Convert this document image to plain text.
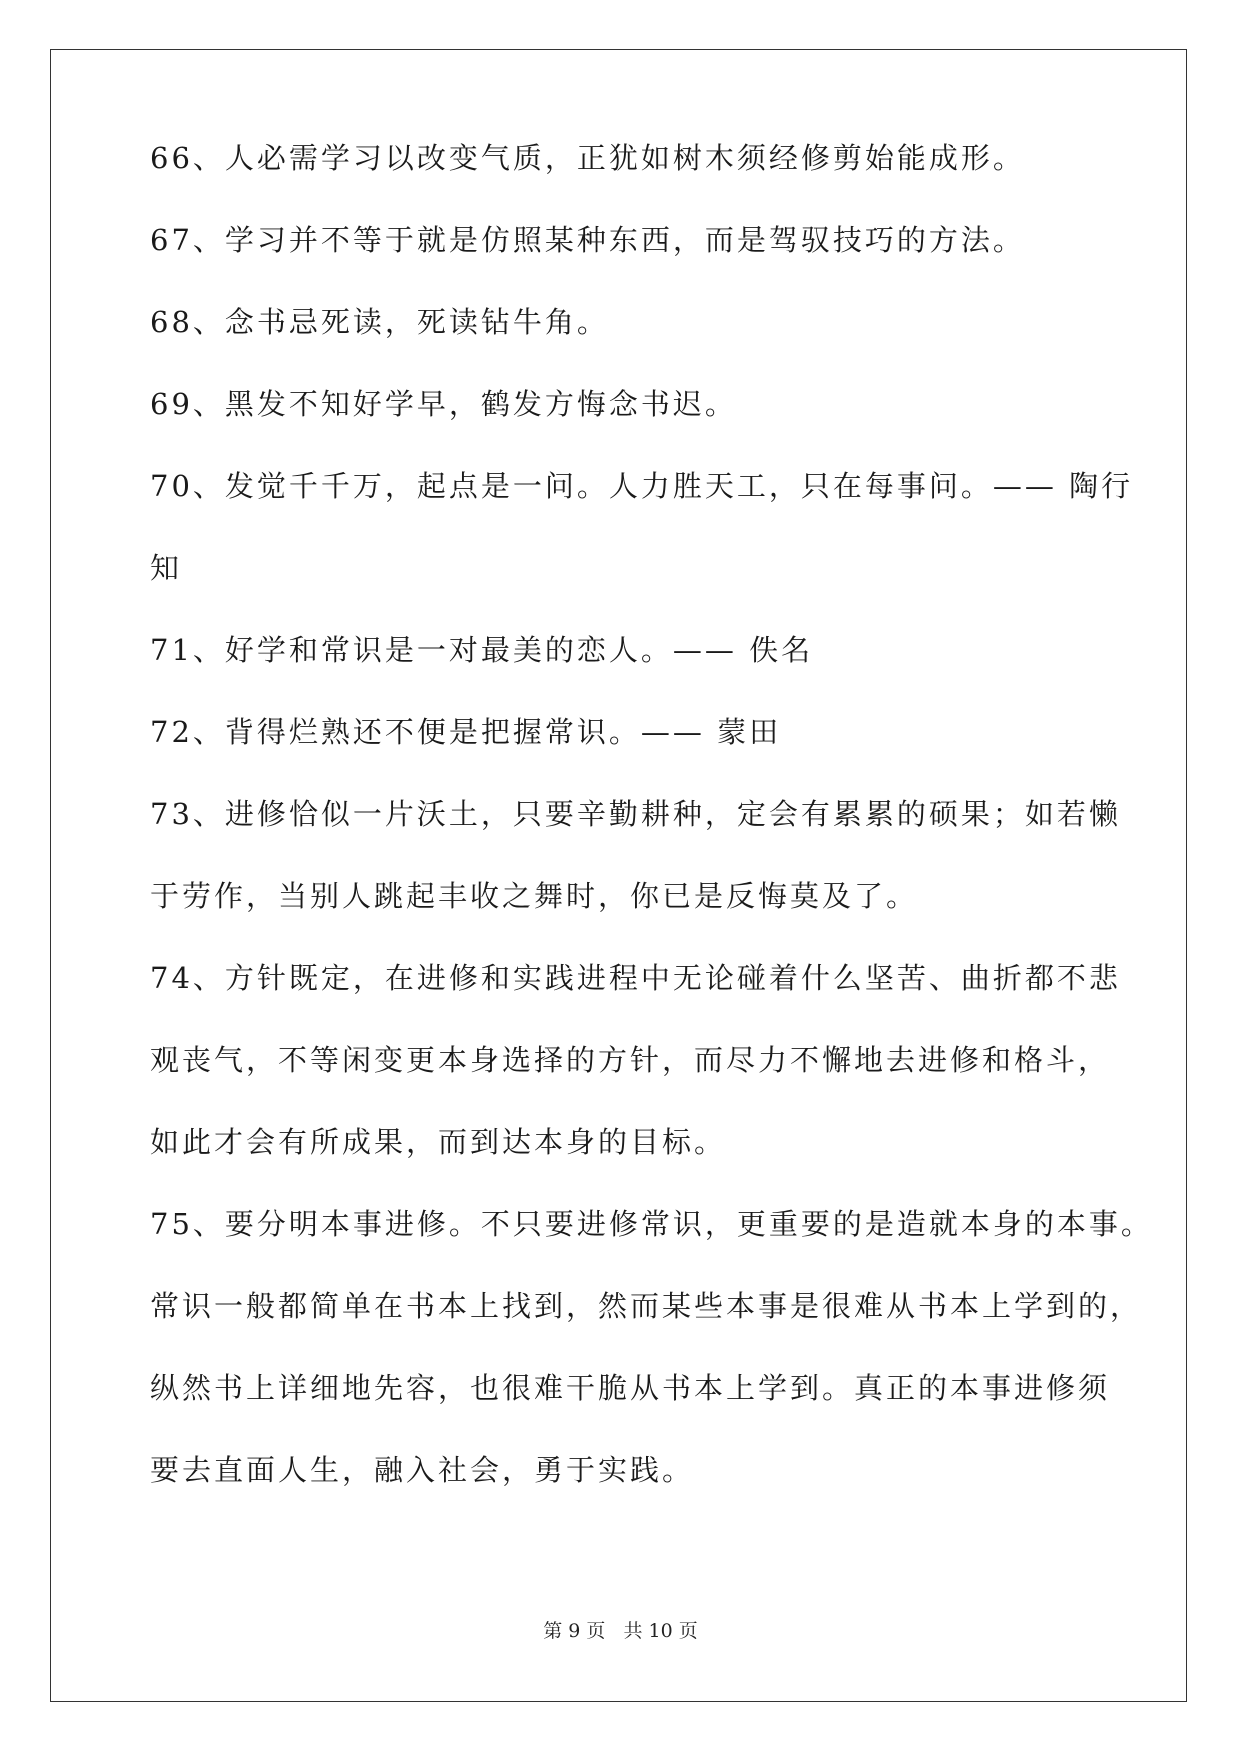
66、人必需学习以改变气质，正犹如树木须经修剪始能成形。
67、学习并不等于就是仿照某种东西，而是驾驭技巧的方法。
68、念书忌死读，死读钻牛角。
69、黑发不知好学早，鹤发方悔念书迟。
70、发觉千千万，起点是一问。人力胜天工，只在每事问。—— 陶行
知
71、好学和常识是一对最美的恋人。—— 佚名
72、背得烂熟还不便是把握常识。—— 蒙田
73、进修恰似一片沃土，只要辛勤耕种，定会有累累的硕果；如若懒
于劳作，当别人跳起丰收之舞时，你已是反悔莫及了。
74、方针既定，在进修和实践进程中无论碰着什么坚苦、曲折都不悲
观丧气，不等闲变更本身选择的方针，而尽力不懈地去进修和格斗，
如此才会有所成果，而到达本身的目标。
75、要分明本事进修。不只要进修常识，更重要的是造就本身的本事。
常识一般都简单在书本上找到，然而某些本事是很难从书本上学到的，
纵然书上详细地先容，也很难干脆从书本上学到。真正的本事进修须
要去直面人生，融入社会，勇于实践。
第 9 页 共 10 页
